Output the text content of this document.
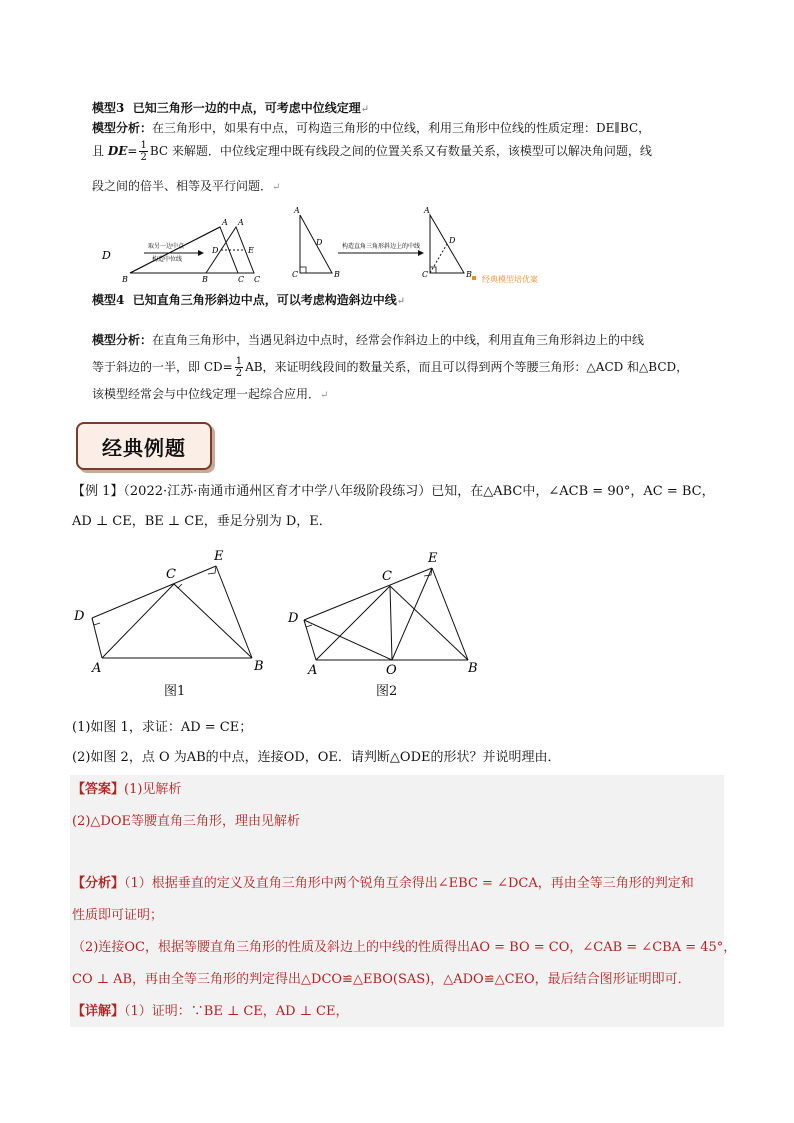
模型3 已知三角形一边的中点，可考虑中位线定理↵
模型分析：在三角形中，如果有中点，可构造三角形的中位线，利用三角形中位线的性质定理：DE∥BC，
且 $DE= \frac{1}{2}$ BC 来解题．中位线定理中既有线段之间的位置关系又有数量关系，该模型可以解决角问题，线
段之间的倍半、相等及平行问题．↵
D
B
A
C
取另一边中点
构造中位线
B
A
C
D	E
A
D
C	B
构造直角三角形斜边上的中线
A
D
C	B
经典模型培优案
模型4 已知直角三角形斜边中点，可以考虑构造斜边中线↵
模型分析：在直角三角形中，当遇见斜边中点时，经常会作斜边上的中线，利用直角三角形斜边上的中线
等于斜边的一半，即 $CD= \frac{1}{2}$ AB，来证明线段间的数量关系，而且可以得到两个等腰三角形：△ACD 和△BCD，
该模型经常会与中位线定理一起综合应用．↵
经典例题
【例 1】（2022·江苏·南通市通州区育才中学八年级阶段练习）已知，在△ABC中，∠ACB = 90°，AC = BC，
AD ⊥ CE，BE ⊥ CE，垂足分别为 D，E．
D
A
C
E
B
D
A
C
E
O	B
图1	图2
(1)如图 1，求证：AD = CE；
(2)如图 2，点 O 为AB的中点，连接OD，OE．请判断△ODE的形状？并说明理由．
【答案】(1)见解析
(2)△DOE等腰直角三角形，理由见解析
【分析】（1）根据垂直的定义及直角三角形中两个锐角互余得出∠EBC = ∠DCA，再由全等三角形的判定和
性质即可证明；
（2)连接OC，根据等腰直角三角形的性质及斜边上的中线的性质得出AO = BO = CO，∠CAB = ∠CBA = 45°，
CO ⊥ AB，再由全等三角形的判定得出△DCO≌△EBO(SAS)，△ADO≌△CEO，最后结合图形证明即可．
【详解】（1）证明：∵BE ⊥ CE，AD ⊥ CE，
